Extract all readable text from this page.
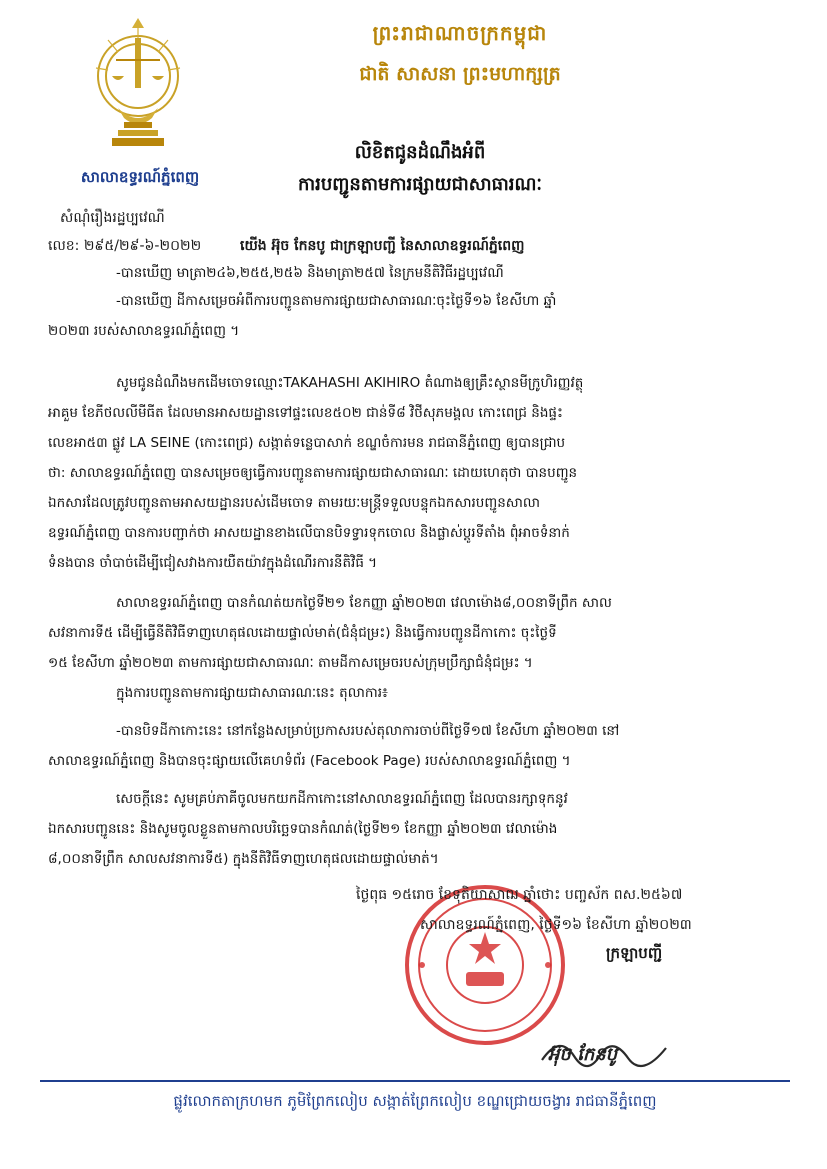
ព្រះរាជាណាចក្រកម្ពុជា
ជាតិ សាសនា ព្រះមហាក្សត្រ
សាលាឧទ្ធរណ៍ភ្នំពេញ
លិខិតជូនដំណឹងអំពី
ការបញ្ជូនតាមការផ្សាយជាសាធារណៈ
សំណុំរឿងរដ្ឋប្បវេណី
លេខ: ២៩៥/២៩-៦-២០២២	យើង អ៊ុច កែនបូ ជាក្រឡាបញ្ជី នៃសាលាឧទ្ធរណ៍ភ្នំពេញ
-បានឃើញ មាត្រា២៤៦,២៥៥,២៥៦ និងមាត្រា២៥៧ នៃក្រមនីតិវិធីរដ្ឋប្បវេណី
-បានឃើញ ដីកាសម្រេចអំពីការបញ្ជូនតាមការផ្សាយជាសាធារណៈចុះថ្ងៃទី១៦ ខែសីហា ឆ្នាំ
២០២៣ របស់សាលាឧទ្ធរណ៍ភ្នំពេញ ។
សូមជូនដំណឹងមកដើមចោទឈ្មោះTAKAHASHI AKIHIRO តំណាងឲ្យគ្រឹះស្ថានមីក្រូហិរញ្ញវត្ថុ
អាគួម ខែភីថលលីមីធីត ដែលមានអាសយដ្ឋានទៅផ្ទះលេខ៥០២ ជាន់ទី៨ វិថីសុភមង្គល កោះពេជ្រ និងផ្ទះ
លេខអា៥៣ ផ្លូវ LA SEINE (កោះពេជ្រ) សង្កាត់ទន្លេបាសាក់ ខណ្ឌចំការមន រាជធានីភ្នំពេញ ឲ្យបានជ្រាប
ថា: សាលាឧទ្ធរណ៍ភ្នំពេញ បានសម្រេចឲ្យធ្វើការបញ្ជូនតាមការផ្សាយជាសាធារណៈ ដោយហេតុថា បានបញ្ជូន
ឯកសារដែលត្រូវបញ្ជូនតាមអាសយដ្ឋានរបស់ដើមចោទ តាមរយៈមន្ត្រីទទួលបន្ទុកឯកសារបញ្ជូនសាលា
ឧទ្ធរណ៍ភ្នំពេញ បានការបញ្ជាក់ថា អាសយដ្ឋានខាងលើបានបិទទ្វារទុកចោល និងផ្លាស់ប្តូរទីតាំង ពុំអាចទំនាក់
ទំនងបាន ចាំបាច់ដើម្បីជៀសវាងការយឺតយ៉ាវក្នុងដំណើរការនីតិវិធី ។
សាលាឧទ្ធរណ៍ភ្នំពេញ បានកំណត់យកថ្ងៃទី២១ ខែកញ្ញា ឆ្នាំ២០២៣ វេលាម៉ោង៨,០០នាទីព្រឹក សាល
សវនាការទី៥ ដើម្បីធ្វើនីតិវិធីទាញហេតុផលដោយផ្ទាល់មាត់(ជំនុំជម្រះ) និងធ្វើការបញ្ជូនដីកាកោះ ចុះថ្ងៃទី
១៥ ខែសីហា ឆ្នាំ២០២៣ តាមការផ្សាយជាសាធារណៈ តាមដីកាសម្រេចរបស់ក្រុមប្រឹក្សាជំនុំជម្រះ ។
ក្នុងការបញ្ជូនតាមការផ្សាយជាសាធារណៈនេះ តុលាការ៖
-បានបិទដីកាកោះនេះ នៅកន្លែងសម្រាប់ប្រកាសរបស់តុលាការចាប់ពីថ្ងៃទី១៧ ខែសីហា ឆ្នាំ២០២៣ នៅ
សាលាឧទ្ធរណ៍ភ្នំពេញ និងបានចុះផ្សាយលើគេហទំព័រ (Facebook Page) របស់សាលាឧទ្ធរណ៍ភ្នំពេញ ។
សេចក្តីនេះ សូមគ្រប់ភាគីចូលមកយកដីកាកោះនៅសាលាឧទ្ធរណ៍ភ្នំពេញ ដែលបានរក្សាទុកនូវ
ឯកសារបញ្ជូននេះ និងសូមចូលខ្លួនតាមកាលបរិច្ឆេទបានកំណត់(ថ្ងៃទី២១ ខែកញ្ញា ឆ្នាំ២០២៣ វេលាម៉ោង
៨,០០នាទីព្រឹក សាលសវនាការទី៥) ក្នុងនីតិវិធីទាញហេតុផលដោយផ្ទាល់មាត់។
ថ្ងៃពុធ ១៥រោច ខែទុតិយាសាឍ ឆ្នាំថោះ បញ្ចស័ក ពស.២៥៦៧
សាលាឧទ្ធរណ៍ភ្នំពេញ, ថ្ងៃទី១៦ ខែសីហា ឆ្នាំ២០២៣
ក្រឡាបញ្ជី
អ៊ុច កែនបូ
ផ្លូវលោកតាក្រហមក ភូមិព្រែកលៀប សង្កាត់ព្រែកលៀប ខណ្ឌជ្រោយចង្វារ រាជធានីភ្នំពេញ
